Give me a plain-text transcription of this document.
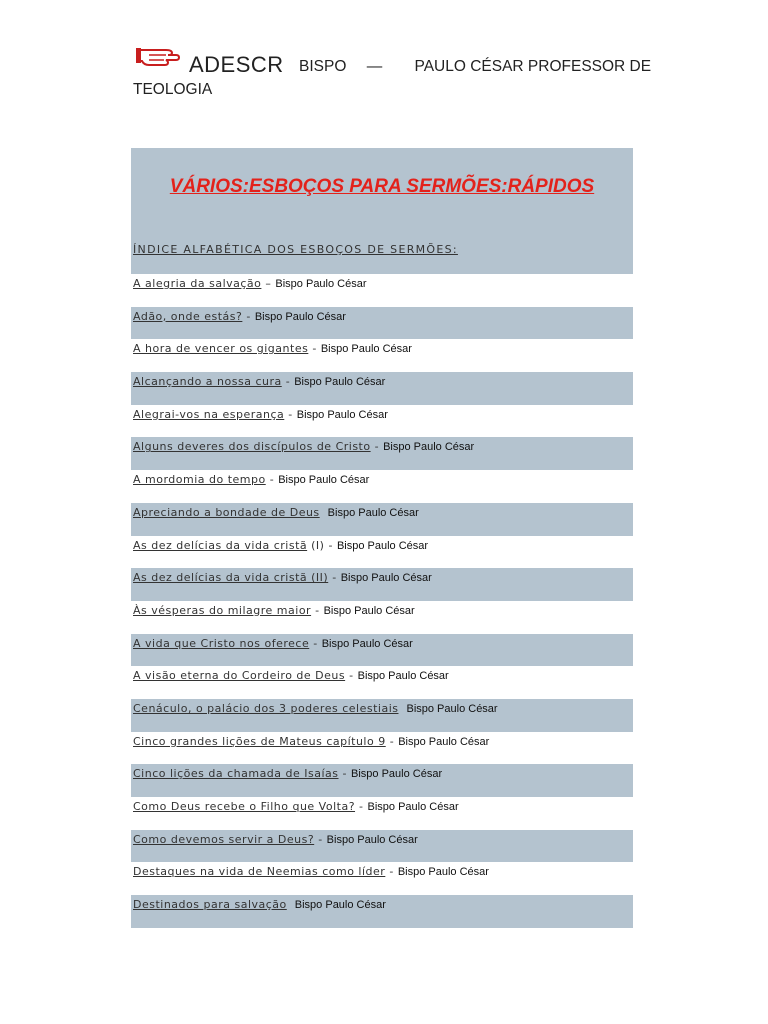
ADESCR BISPO — PAULO CÉSAR PROFESSOR DE
TEOLOGIA
VÁRIOS:ESBOÇOS PARA SERMÕES:RÁPIDOS
ÍNDICE ALFABÉTICA DOS ESBOÇOS DE SERMÕES:
A alegria da salvação – Bispo Paulo César
Adão, onde estás? - Bispo Paulo César
A hora de vencer os gigantes - Bispo Paulo César
Alcançando a nossa cura - Bispo Paulo César
Alegrai-vos na esperança - Bispo Paulo César
Alguns deveres dos discípulos de Cristo - Bispo Paulo César
A mordomia do tempo - Bispo Paulo César
Apreciando a bondade de Deus Bispo Paulo César
As dez delícias da vida cristã (I) - Bispo Paulo César
As dez delícias da vida cristã (II) - Bispo Paulo César
Às vésperas do milagre maior - Bispo Paulo César
A vida que Cristo nos oferece - Bispo Paulo César
A visão eterna do Cordeiro de Deus - Bispo Paulo César
Cenáculo, o palácio dos 3 poderes celestiais Bispo Paulo César
Cinco grandes lições de Mateus capítulo 9 - Bispo Paulo César
Cinco lições da chamada de Isaías - Bispo Paulo César
Como Deus recebe o Filho que Volta? - Bispo Paulo César
Como devemos servir a Deus? - Bispo Paulo César
Destaques na vida de Neemias como líder - Bispo Paulo César
Destinados para salvação Bispo Paulo César
